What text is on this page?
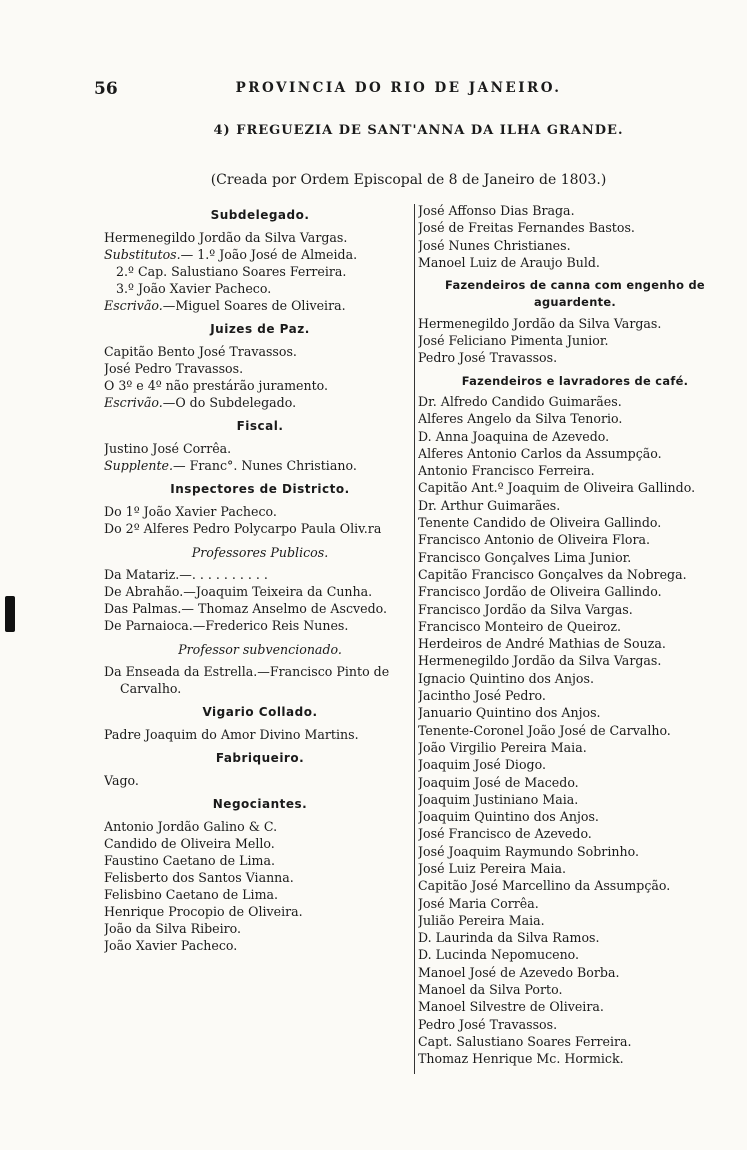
56	PROVINCIA DO RIO DE JANEIRO.
4) FREGUEZIA DE SANT'ANNA DA ILHA GRANDE.
(Creada por Ordem Episcopal de 8 de Janeiro de 1803.)
Subdelegado.
Hermenegildo Jordão da Silva Vargas.
Substitutos.— 1.º João José de Almeida.
2.º Cap. Salustiano Soares Ferreira.
3.º João Xavier Pacheco.
Escrivão.—Miguel Soares de Oliveira.
Juizes de Paz.
Capitão Bento José Travassos.
José Pedro Travassos.
O 3º e 4º não prestárão juramento.
Escrivão.—O do Subdelegado.
Fiscal.
Justino José Corrêa.
Supplente.— Franc°. Nunes Christiano.
Inspectores de Districto.
Do 1º João Xavier Pacheco.
Do 2º Alferes Pedro Polycarpo Paula Oliv.ra
Professores Publicos.
Da Matariz.—. . . . . . . . . .
De Abrahão.—Joaquim Teixeira da Cunha.
Das Palmas.— Thomaz Anselmo de Ascvedo.
De Parnaioca.—Frederico Reis Nunes.
Professor subvencionado.
Da Enseada da Estrella.—Francisco Pinto de Carvalho.
Vigario Collado.
Padre Joaquim do Amor Divino Martins.
Fabriqueiro.
Vago.
Negociantes.
Antonio Jordão Galino & C.
Candido de Oliveira Mello.
Faustino Caetano de Lima.
Felisberto dos Santos Vianna.
Felisbino Caetano de Lima.
Henrique Procopio de Oliveira.
João da Silva Ribeiro.
João Xavier Pacheco.
José Affonso Dias Braga.
José de Freitas Fernandes Bastos.
José Nunes Christianes.
Manoel Luiz de Araujo Buld.
Fazendeiros de canna com engenho de aguardente.
Hermenegildo Jordão da Silva Vargas.
José Feliciano Pimenta Junior.
Pedro José Travassos.
Fazendeiros e lavradores de café.
Dr. Alfredo Candido Guimarães.
Alferes Angelo da Silva Tenorio.
D. Anna Joaquina de Azevedo.
Alferes Antonio Carlos da Assumpção.
Antonio Francisco Ferreira.
Capitão Ant.º Joaquim de Oliveira Gallindo.
Dr. Arthur Guimarães.
Tenente Candido de Oliveira Gallindo.
Francisco Antonio de Oliveira Flora.
Francisco Gonçalves Lima Junior.
Capitão Francisco Gonçalves da Nobrega.
Francisco Jordão de Oliveira Gallindo.
Francisco Jordão da Silva Vargas.
Francisco Monteiro de Queiroz.
Herdeiros de André Mathias de Souza.
Hermenegildo Jordão da Silva Vargas.
Ignacio Quintino dos Anjos.
Jacintho José Pedro.
Januario Quintino dos Anjos.
Tenente-Coronel João José de Carvalho.
João Virgilio Pereira Maia.
Joaquim José Diogo.
Joaquim José de Macedo.
Joaquim Justiniano Maia.
Joaquim Quintino dos Anjos.
José Francisco de Azevedo.
José Joaquim Raymundo Sobrinho.
José Luiz Pereira Maia.
Capitão José Marcellino da Assumpção.
José Maria Corrêa.
Julião Pereira Maia.
D. Laurinda da Silva Ramos.
D. Lucinda Nepomuceno.
Manoel José de Azevedo Borba.
Manoel da Silva Porto.
Manoel Silvestre de Oliveira.
Pedro José Travassos.
Capt. Salustiano Soares Ferreira.
Thomaz Henrique Mc. Hormick.
